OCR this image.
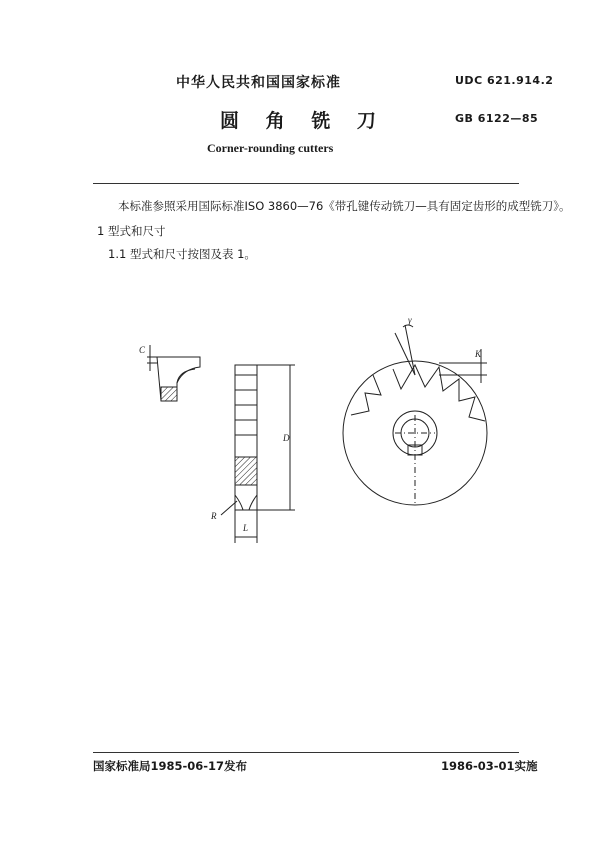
中华人民共和国国家标准	UDC 621.914.2
圆 角 铣 刀	GB 6122—85
Corner-rounding cutters
本标准参照采用国际标准ISO 3860—76《带孔键传动铣刀—具有固定齿形的成型铣刀》。
1 型式和尺寸
1.1 型式和尺寸按图及表 1。
C
D
L
R
γ
K
国家标准局1985-06-17发布	1986-03-01实施
